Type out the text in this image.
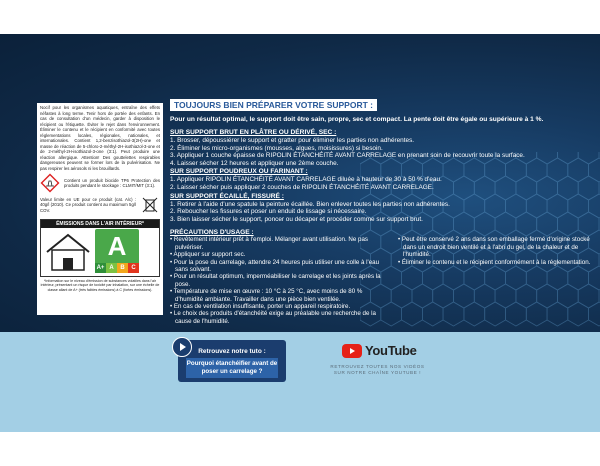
Nocif pour les organismes aquatiques, entraîne des effets néfastes à long terme. Tenir hors de portée des enfants. En cas de consultation d'un médecin, garder à disposition le récipient ou l'étiquette. Éviter le rejet dans l'environnement. Éliminer le contenu et le récipient en conformité avec toutes réglementations locales, régionales, nationales, et internationales. Contient 1,2-benzisothiazol-3(2H)-one et masse de réaction de 5-chloro-2-méthyl-2H-isothiazol-3-one et de 2-méthyl-2H-isothiazol-3-one (3:1). Peut produire une réaction allergique. Attention! Des gouttelettes respirables dangereuses peuvent se former lors de la pulvérisation. Ne pas respirer les aérosols ni les brouillards.

Contient un produit biocide TP6 Protection des produits pendant le stockage : CLMIT/MIT (3:1).

Valeur limite en UE pour ce produit (cat. A/c) : 40g/l (2010). Ce produit contient au maximum 5g/l COV.

ÉMISSIONS DANS L'AIR INTÉRIEUR*
A
A+ A	B	C
*Information sur le niveau d'émission de substances volatiles dans l'air intérieur, présentant un risque de toxicité par inhalation, sur une échelle de classe allant de A+ (très faibles émissions) à C (fortes émissions).
TOUJOURS BIEN PRÉPARER VOTRE SUPPORT :
Pour un résultat optimal, le support doit être sain, propre, sec et compact. La pente doit être égale ou supérieure à 1 %.
SUR SUPPORT BRUT EN PLÂTRE OU DÉRIVÉ, SEC :
1. Brosser, dépoussiérer le support et gratter pour éliminer les parties non adhérentes.
2. Éliminer les micro-organismes (mousses, algues, moisissures) si besoin.
3. Appliquer 1 couche épaisse de RIPOLIN ÉTANCHÉITÉ AVANT CARRELAGE en prenant soin de recouvrir toute la surface.
4. Laisser sécher 12 heures et appliquer une 2ème couche.
SUR SUPPORT POUDREUX OU FARINANT :
1. Appliquer RIPOLIN ÉTANCHÉITÉ AVANT CARRELAGE diluée à hauteur de 30 à 50 % d'eau.
2. Laisser sécher puis appliquer 2 couches de RIPOLIN ÉTANCHÉITÉ AVANT CARRELAGE.
SUR SUPPORT ÉCAILLÉ, FISSURÉ :
1. Retirer à l'aide d'une spatule la peinture écaillée. Bien enlever toutes les parties non adhérentes.
2. Reboucher les fissures et poser un enduit de lissage si nécessaire.
3. Bien laisser sécher le support, poncer ou décaper et procéder comme sur support brut.
PRÉCAUTIONS D'USAGE :

• Revêtement intérieur prêt à l'emploi. Mélanger avant utilisation. Ne pas pulvériser.

• Appliquer sur support sec.

• Pour la pose du carrelage, attendre 24 heures puis utiliser une colle à l'eau sans solvant.

• Pour un résultat optimum, imperméabiliser le carrelage et les joints après la pose.

• Température de mise en œuvre : 10 °C à 25 °C, avec moins de 80 % d'humidité ambiante. Travailler dans une pièce bien ventilée.

• En cas de ventilation insuffisante, porter un appareil respiratoire.

• Le choix des produits d'étanchéité exige au préalable une recherche de la cause de l'humidité.

• Peut être conservé 2 ans dans son emballage fermé d'origine stocké dans un endroit bien ventilé et à l'abri du gel, de la chaleur et de l'humidité.

• Éliminer le contenu et le récipient conformément à la réglementation.

Retrouvez notre tuto :
Pourquoi étanchéifier avant de poser un carrelage ?
YouTube
RETROUVEZ TOUTES NOS VIDÉOS SUR NOTRE CHAÎNE YOUTUBE !
